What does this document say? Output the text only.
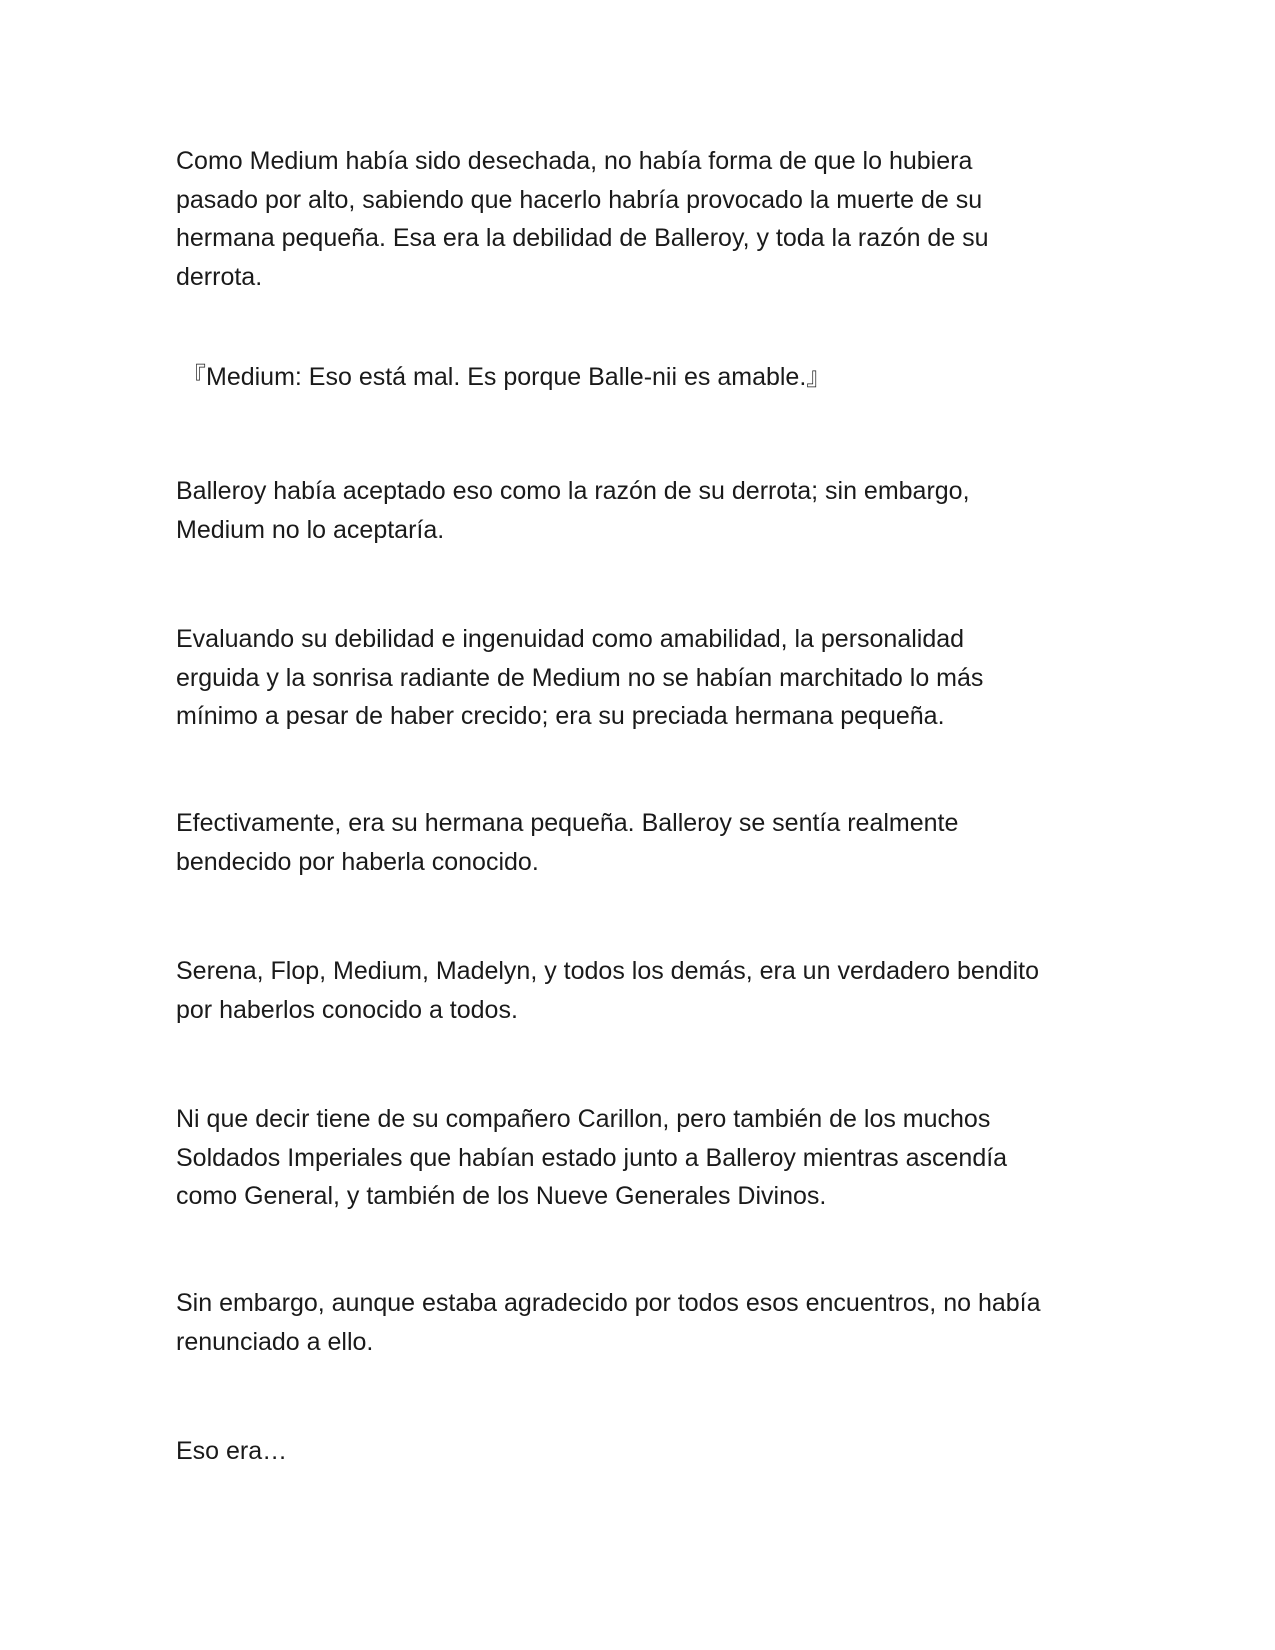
Como Medium había sido desechada, no había forma de que lo hubiera
pasado por alto, sabiendo que hacerlo habría provocado la muerte de su
hermana pequeña. Esa era la debilidad de Balleroy, y toda la razón de su
derrota.

『Medium: Eso está mal. Es porque Balle-nii es amable.』

Balleroy había aceptado eso como la razón de su derrota; sin embargo,
Medium no lo aceptaría.

Evaluando su debilidad e ingenuidad como amabilidad, la personalidad
erguida y la sonrisa radiante de Medium no se habían marchitado lo más
mínimo a pesar de haber crecido; era su preciada hermana pequeña.

Efectivamente, era su hermana pequeña. Balleroy se sentía realmente
bendecido por haberla conocido.

Serena, Flop, Medium, Madelyn, y todos los demás, era un verdadero bendito
por haberlos conocido a todos.

Ni que decir tiene de su compañero Carillon, pero también de los muchos
Soldados Imperiales que habían estado junto a Balleroy mientras ascendía
como General, y también de los Nueve Generales Divinos.

Sin embargo, aunque estaba agradecido por todos esos encuentros, no había
renunciado a ello.

Eso era…
